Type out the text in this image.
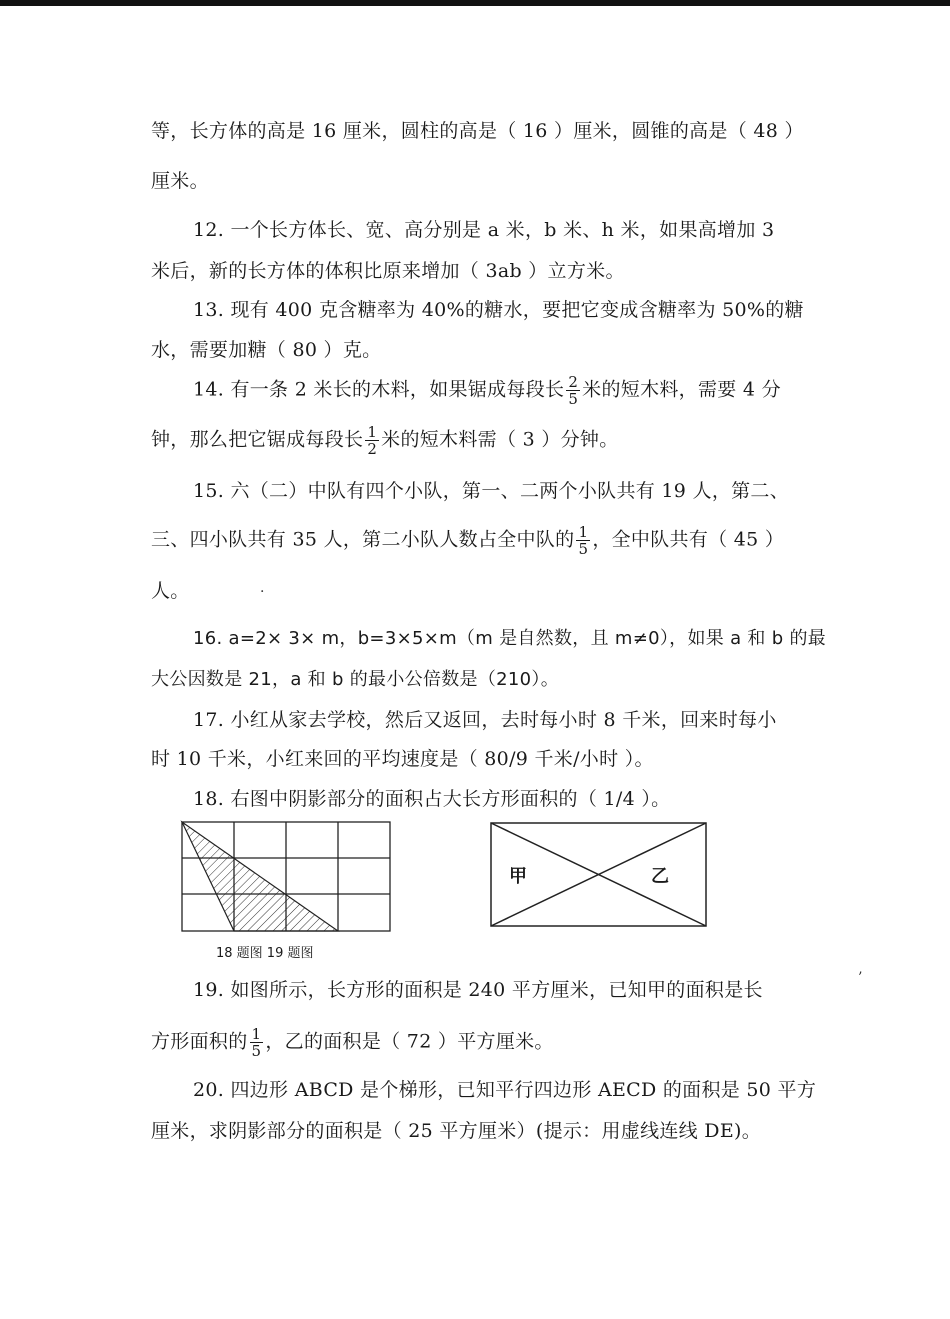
等，长方体的高是 16 厘米，圆柱的高是（ 16 ）厘米，圆锥的高是（ 48 ）
厘米。
12. 一个长方体长、宽、高分别是 a 米，b 米、h 米，如果高增加 3
米后，新的长方体的体积比原来增加（ 3ab ）立方米。
13. 现有 400 克含糖率为 40%的糖水，要把它变成含糖率为 50%的糖
水，需要加糖（ 80 ）克。
14. 有一条 2 米长的木料，如果锯成每段长 $\frac{2}{5}$ 米的短木料，需要 4 分
钟，那么把它锯成每段长 $\frac{1}{2}$ 米的短木料需（ 3 ）分钟。
15. 六（二）中队有四个小队，第一、二两个小队共有 19 人，第二、
三、四小队共有 35 人，第二小队人数占全中队的 $\frac{1}{5}$ ，全中队共有（ 45 ）
人。
16. a=2× 3× m，b=3×5×m（m 是自然数，且 m≠0），如果 a 和 b 的最
大公因数是 21，a 和 b 的最小公倍数是（210）。
17. 小红从家去学校，然后又返回，去时每小时 8 千米，回来时每小
时 10 千米，小红来回的平均速度是（ 80/9 千米/小时 ）。
18. 右图中阴影部分的面积占大长方形面积的（ 1/4 ）。
甲	乙
18 题图 19 题图
19. 如图所示，长方形的面积是 240 平方厘米，已知甲的面积是长
方形面积的 $\frac{1}{5}$ ，乙的面积是（ 72 ）平方厘米。
20. 四边形 ABCD 是个梯形，已知平行四边形 AECD 的面积是 50 平方
厘米，求阴影部分的面积是（ 25 平方厘米）(提示：用虚线连线 DE)。
’
·
